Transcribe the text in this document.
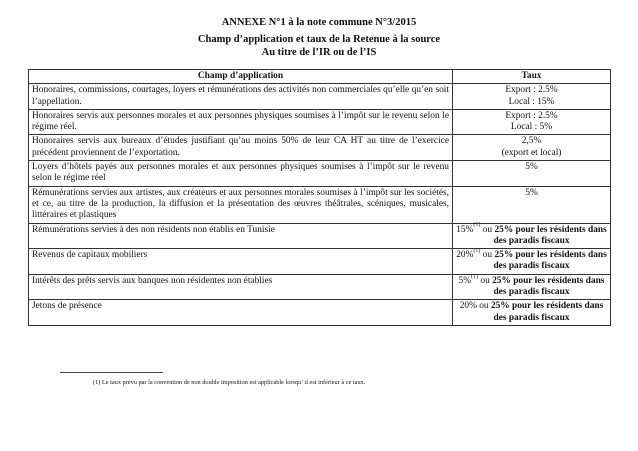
ANNEXE N°1 à la note commune N°3/2015
Champ d’application et taux de la Retenue à la source
Au titre de l’IR ou de l’IS
Champ d’application	Taux
Honoraires, commissions, courtages, loyers et rémunérations des activités non commerciales qu’elle qu’en soit l’appellation.	Export : 2.5%
Local : 15%

Honoraires servis aux personnes morales et aux personnes physiques soumises à l’impôt sur le revenu selon le régime réel.	Export : 2.5%
Local : 5%

Honoraires servis aux bureaux d’études justifiant qu’au moins 50% de leur CA HT au titre de l’exercice précédent proviennent de l’exportation.	2,5%
(export et local)

Loyers d’hôtels payés aux personnes morales et aux personnes physiques soumises à l’impôt sur le revenu selon le régime réel	5%

Rémunérations servies aux artistes, aux créateurs et aux personnes morales soumises à l’impôt sur les sociétés, et ce, au titre de la production, la diffusion et la présentation des œuvres théâtrales, scéniques, musicales, littéraires et plastiques	5%

Rémunérations servies à des non résidents non établis en Tunisie	15%$^{(1)}$ ou 25% pour les résidents dans des paradis fiscaux
Revenus de capitaux mobiliers	20%$^{(1)}$ ou 25% pour les résidents dans des paradis fiscaux
Intérêts des prêts servis aux banques non résidentes non établies	5%$^{(1)}$ ou 25% pour les résidents dans des paradis fiscaux
Jetons de présence	20% ou 25% pour les résidents dans des paradis fiscaux
(1) Le taux prévu par la convention de non double imposition est applicable lorsqu’ il est inférieur à ce taux.
